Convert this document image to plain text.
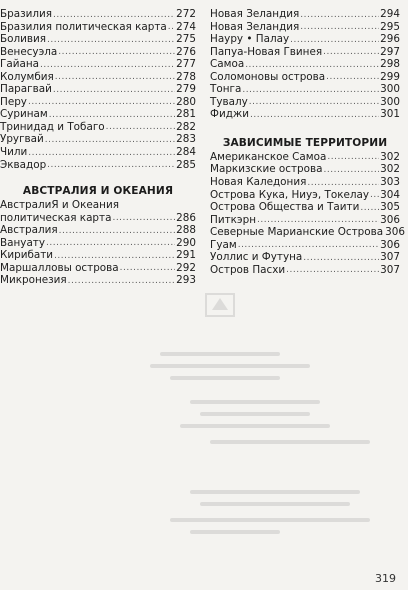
Бразилия .....	272
Бразилия политическая карта ..... 274
Боливия .....	275
Венесуэла .....	276
Гайана .....	277
Колумбия .....	278
Парагвай .....	279
Перу .....	280
Суринам .....	281
Тринидад и Тобаго .....	282
Уругвай .....	283
Чили .....	284
Эквадор .....	285
АВСТРАЛИЯ И ОКЕАНИЯ
АвстралиЯ и Океания
политическая карта .....	286
Австралия .....	288
Вануату .....	290
Кирибати .....	291
Маршалловы острова .....	292
Микронезия .....	293
Новая Зеландия .....	294
Новая Зеландия .....	295
Науру • Палау .....	296
Папуа-Новая Гвинея .....	297
Самоа .....	298
Соломоновы острова .....	299
Тонга .....	300
Тувалу .....	300
Фиджи .....	301
ЗАВИСИМЫЕ ТЕРРИТОРИИ
Американское Самоа .....	302
Маркизские острова .....	302
Новая Каледония .....	303
Острова Кука, Ниуэ, Токелау ..... 304
Острова Общества и Таити ..... 305
Питкэрн .....	306
Северные Марианские Острова 306
Гуам .....	306
Уоллис и Футуна .....	307
Остров Пасхи .....	307
319
